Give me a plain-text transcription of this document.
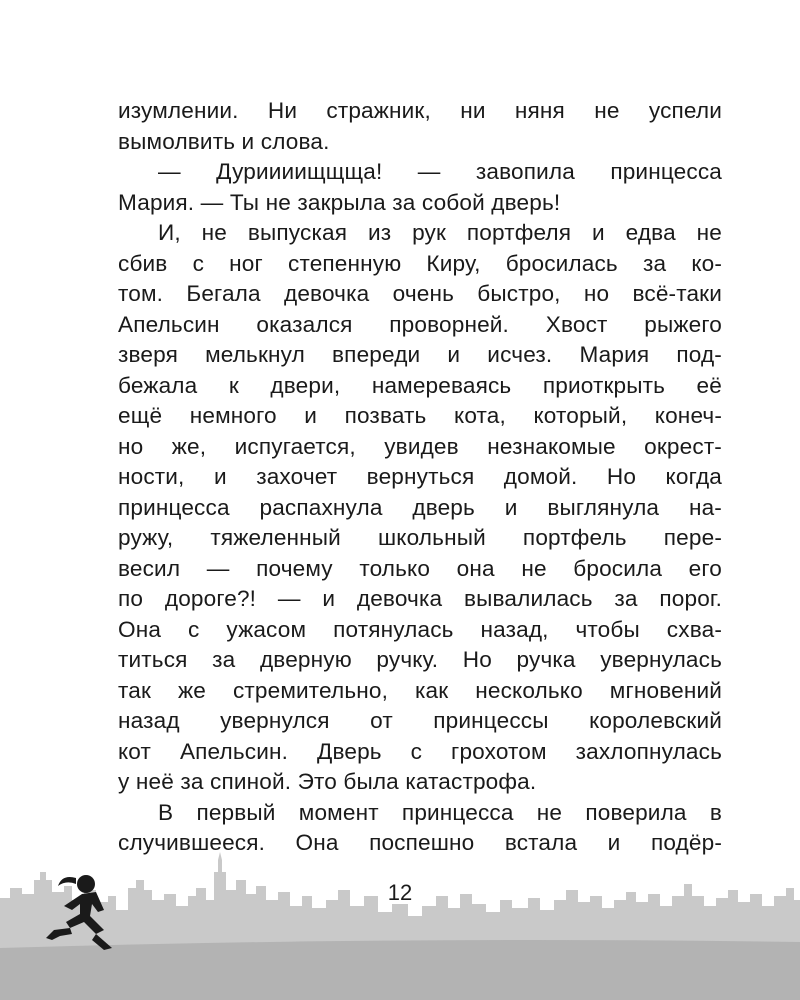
изумлении. Ни стражник, ни няня не успели
вымолвить и слова.
— Дуриииищщща! — завопила принцесса
Мария. — Ты не закрыла за собой дверь!
И, не выпуская из рук портфеля и едва не
сбив с ног степенную Киру, бросилась за ко-
том. Бегала девочка очень быстро, но всё-таки
Апельсин оказался проворней. Хвост рыжего
зверя мелькнул впереди и исчез. Мария под-
бежала к двери, намереваясь приоткрыть её
ещё немного и позвать кота, который, конеч-
но же, испугается, увидев незнакомые окрест-
ности, и захочет вернуться домой. Но когда
принцесса распахнула дверь и выглянула на-
ружу, тяжеленный школьный портфель пере-
весил — почему только она не бросила его
по дороге?! — и девочка вывалилась за порог.
Она с ужасом потянулась назад, чтобы схва-
титься за дверную ручку. Но ручка увернулась
так же стремительно, как несколько мгновений
назад увернулся от принцессы королевский
кот Апельсин. Дверь с грохотом захлопнулась
у неё за спиной. Это была катастрофа.
В первый момент принцесса не поверила в
случившееся. Она поспешно встала и подёр-
12
